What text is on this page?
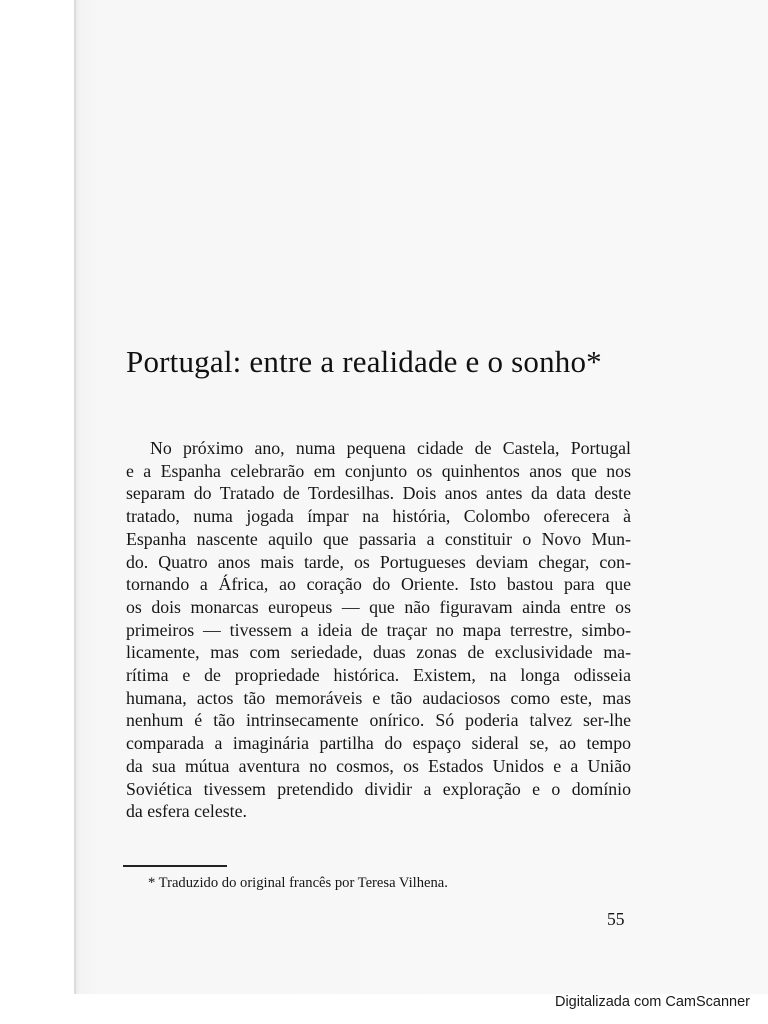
Portugal: entre a realidade e o sonho*
No próximo ano, numa pequena cidade de Castela, Portugal
e a Espanha celebrarão em conjunto os quinhentos anos que nos
separam do Tratado de Tordesilhas. Dois anos antes da data deste
tratado, numa jogada ímpar na história, Colombo oferecera à
Espanha nascente aquilo que passaria a constituir o Novo Mun-
do. Quatro anos mais tarde, os Portugueses deviam chegar, con-
tornando a África, ao coração do Oriente. Isto bastou para que
os dois monarcas europeus — que não figuravam ainda entre os
primeiros — tivessem a ideia de traçar no mapa terrestre, simbo-
licamente, mas com seriedade, duas zonas de exclusividade ma-
rítima e de propriedade histórica. Existem, na longa odisseia
humana, actos tão memoráveis e tão audaciosos como este, mas
nenhum é tão intrinsecamente onírico. Só poderia talvez ser-lhe
comparada a imaginária partilha do espaço sideral se, ao tempo
da sua mútua aventura no cosmos, os Estados Unidos e a União
Soviética tivessem pretendido dividir a exploração e o domínio
da esfera celeste.

* Traduzido do original francês por Teresa Vilhena.

55
Digitalizada com CamScanner
